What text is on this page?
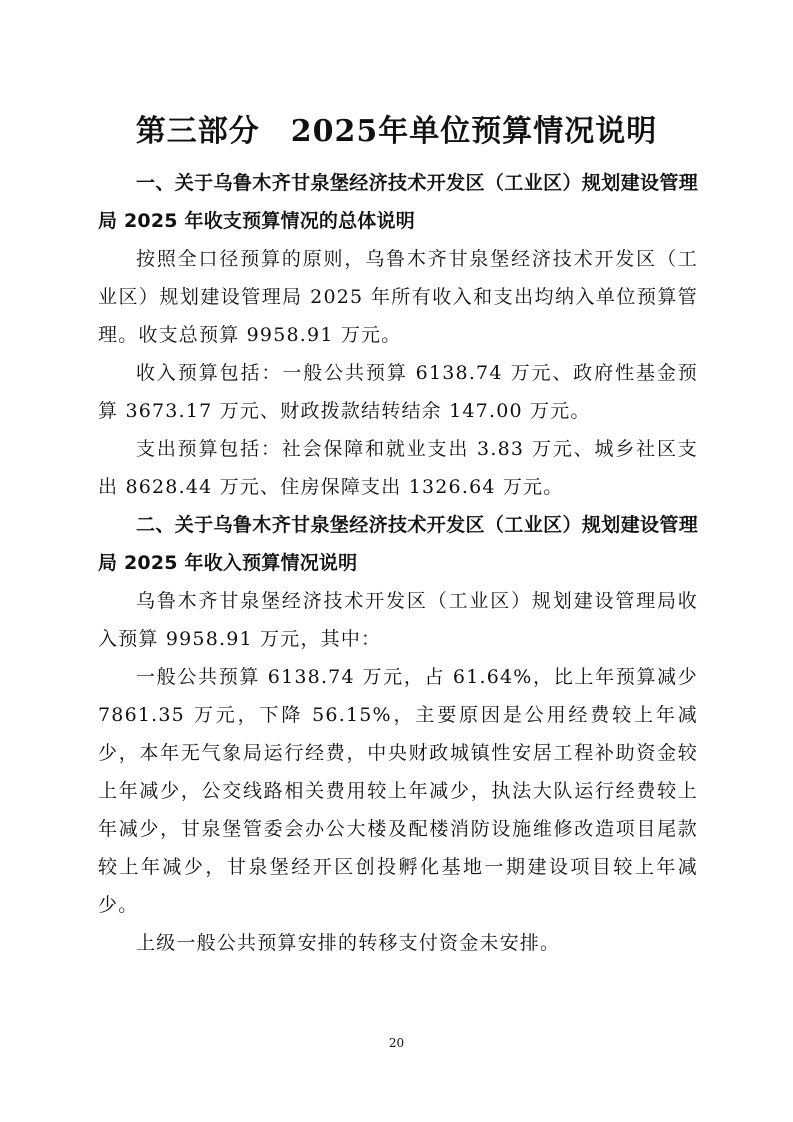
第三部分　2025年单位预算情况说明

一、关于乌鲁木齐甘泉堡经济技术开发区（工业区）规划建设管理局 2025 年收支预算情况的总体说明

按照全口径预算的原则，乌鲁木齐甘泉堡经济技术开发区（工业区）规划建设管理局 2025 年所有收入和支出均纳入单位预算管理。收支总预算 9958.91 万元。

收入预算包括：一般公共预算 6138.74 万元、政府性基金预算 3673.17 万元、财政拨款结转结余 147.00 万元。

支出预算包括：社会保障和就业支出 3.83 万元、城乡社区支出 8628.44 万元、住房保障支出 1326.64 万元。

二、关于乌鲁木齐甘泉堡经济技术开发区（工业区）规划建设管理局 2025 年收入预算情况说明

乌鲁木齐甘泉堡经济技术开发区（工业区）规划建设管理局收入预算 9958.91 万元，其中：

一般公共预算 6138.74 万元，占 61.64%，比上年预算减少 7861.35 万元，下降 56.15%，主要原因是公用经费较上年减少，本年无气象局运行经费，中央财政城镇性安居工程补助资金较上年减少，公交线路相关费用较上年减少，执法大队运行经费较上年减少，甘泉堡管委会办公大楼及配楼消防设施维修改造项目尾款较上年减少，甘泉堡经开区创投孵化基地一期建设项目较上年减少。

上级一般公共预算安排的转移支付资金未安排。

20
